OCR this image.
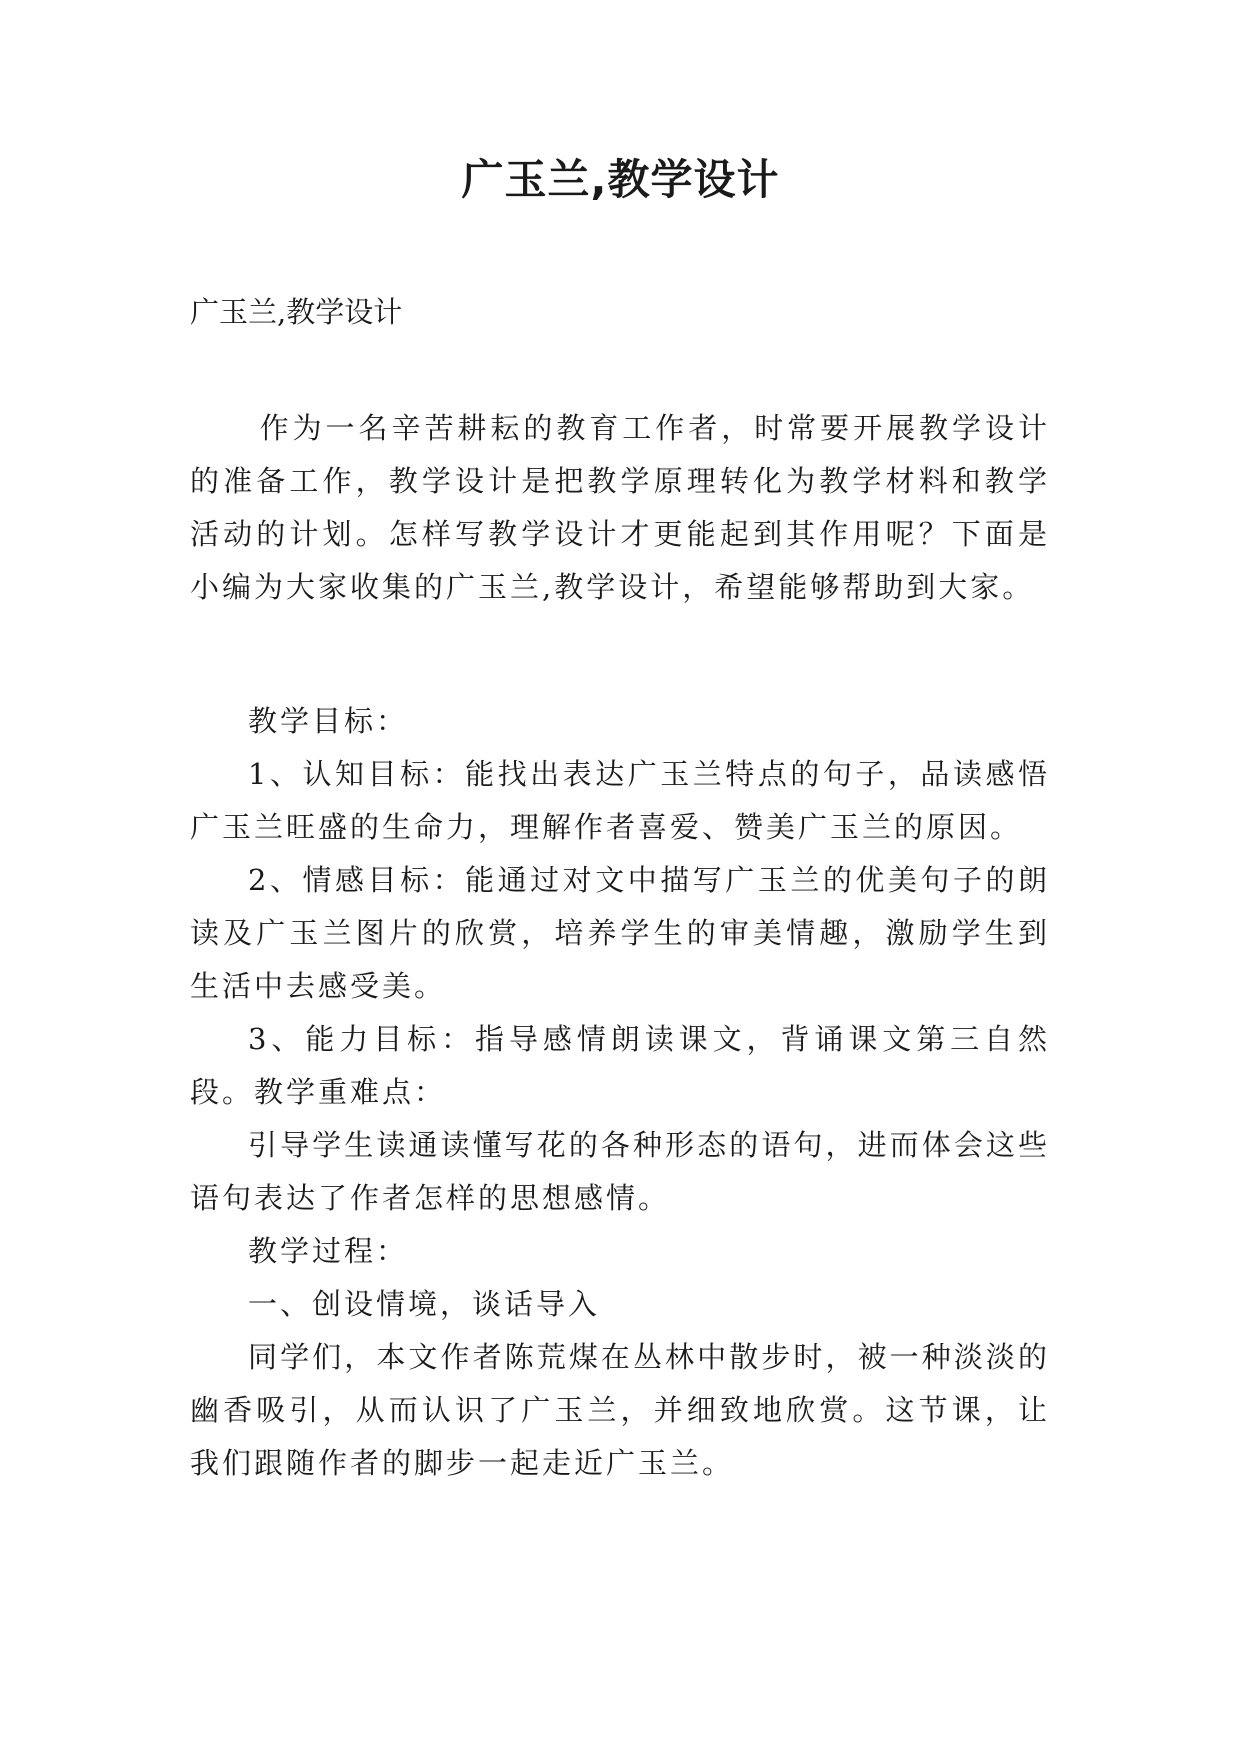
广玉兰,教学设计
广玉兰,教学设计

作为一名辛苦耕耘的教育工作者，时常要开展教学设计的准备工作，教学设计是把教学原理转化为教学材料和教学活动的计划。怎样写教学设计才更能起到其作用呢？下面是小编为大家收集的广玉兰,教学设计，希望能够帮助到大家。

教学目标：

1、认知目标：能找出表达广玉兰特点的句子，品读感悟广玉兰旺盛的生命力，理解作者喜爱、赞美广玉兰的原因。

2、情感目标：能通过对文中描写广玉兰的优美句子的朗读及广玉兰图片的欣赏，培养学生的审美情趣，激励学生到生活中去感受美。

3、能力目标：指导感情朗读课文，背诵课文第三自然段。教学重难点：

引导学生读通读懂写花的各种形态的语句，进而体会这些语句表达了作者怎样的思想感情。

教学过程：

一、创设情境，谈话导入

同学们，本文作者陈荒煤在丛林中散步时，被一种淡淡的幽香吸引，从而认识了广玉兰，并细致地欣赏。这节课，让我们跟随作者的脚步一起走近广玉兰。
